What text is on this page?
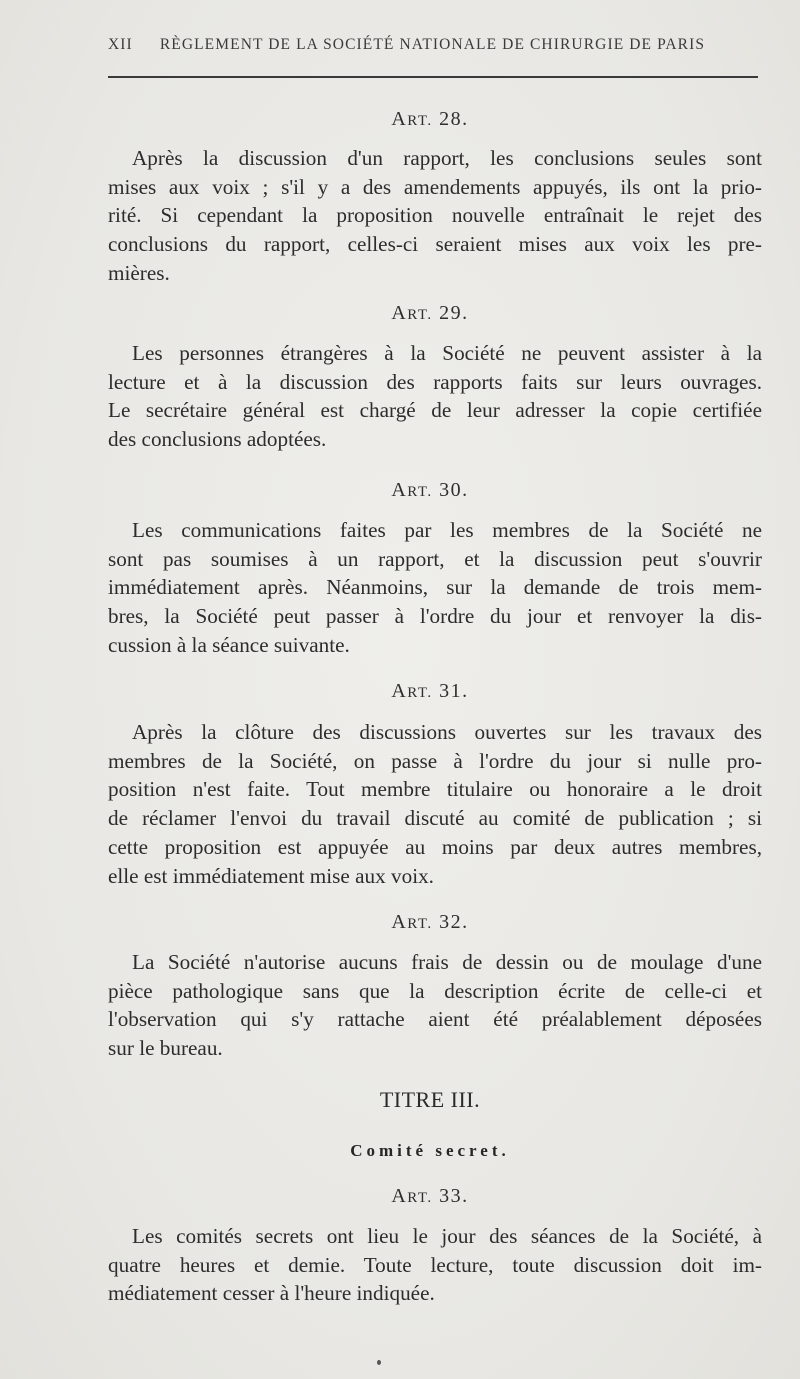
XII RÈGLEMENT DE LA SOCIÉTÉ NATIONALE DE CHIRURGIE DE PARIS
ART. 28.
Après la discussion d'un rapport, les conclusions seules sont
mises aux voix ; s'il y a des amendements appuyés, ils ont la prio-
rité. Si cependant la proposition nouvelle entraînait le rejet des
conclusions du rapport, celles-ci seraient mises aux voix les pre-
mières.
ART. 29.
Les personnes étrangères à la Société ne peuvent assister à la
lecture et à la discussion des rapports faits sur leurs ouvrages.
Le secrétaire général est chargé de leur adresser la copie certifiée
des conclusions adoptées.
ART. 30.
Les communications faites par les membres de la Société ne
sont pas soumises à un rapport, et la discussion peut s'ouvrir
immédiatement après. Néanmoins, sur la demande de trois mem-
bres, la Société peut passer à l'ordre du jour et renvoyer la dis-
cussion à la séance suivante.
ART. 31.
Après la clôture des discussions ouvertes sur les travaux des
membres de la Société, on passe à l'ordre du jour si nulle pro-
position n'est faite. Tout membre titulaire ou honoraire a le droit
de réclamer l'envoi du travail discuté au comité de publication ; si
cette proposition est appuyée au moins par deux autres membres,
elle est immédiatement mise aux voix.
ART. 32.
La Société n'autorise aucuns frais de dessin ou de moulage d'une
pièce pathologique sans que la description écrite de celle-ci et
l'observation qui s'y rattache aient été préalablement déposées
sur le bureau.
TITRE III.
Comité secret.
ART. 33.
Les comités secrets ont lieu le jour des séances de la Société, à
quatre heures et demie. Toute lecture, toute discussion doit im-
médiatement cesser à l'heure indiquée.
